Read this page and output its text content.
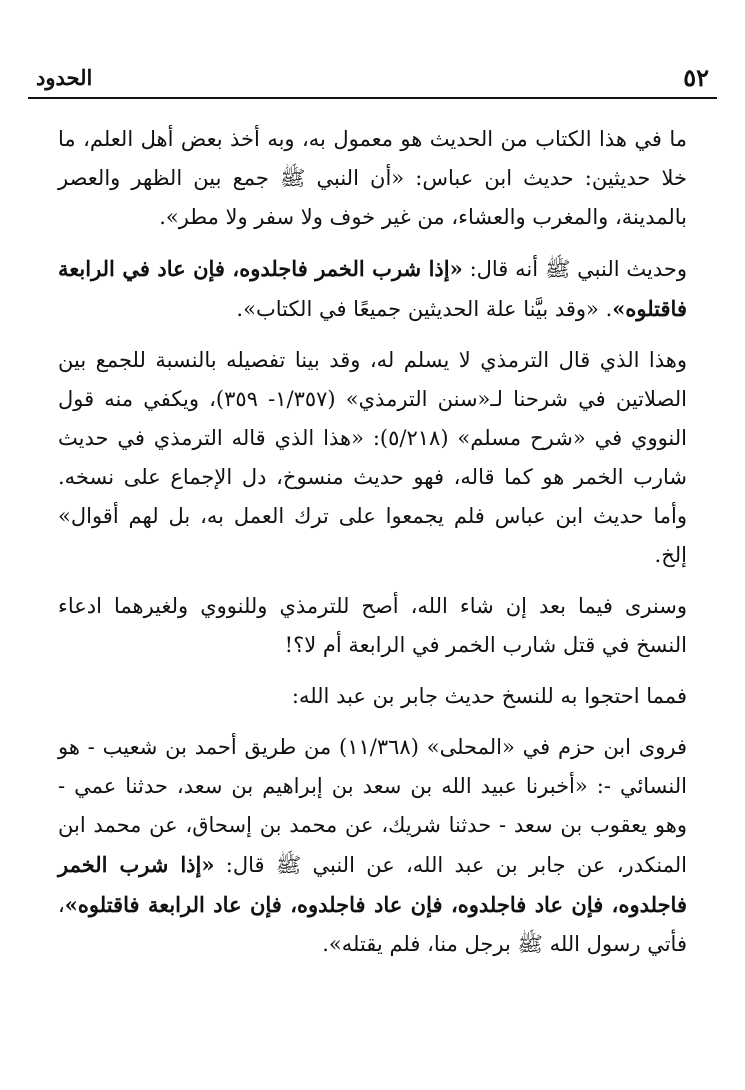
٥٢
الحدود

ما في هذا الكتاب من الحديث هو معمول به، وبه أخذ بعض أهل العلم، ما خلا حديثين: حديث ابن عباس: «أن النبي ﷺ جمع بين الظهر والعصر بالمدينة، والمغرب والعشاء، من غير خوف ولا سفر ولا مطر».

وحديث النبي ﷺ أنه قال: «إذا شرب الخمر فاجلدوه، فإن عاد في الرابعة فاقتلوه». «وقد بيَّنا علة الحديثين جميعًا في الكتاب».

وهذا الذي قال الترمذي لا يسلم له، وقد بينا تفصيله بالنسبة للجمع بين الصلاتين في شرحنا لـ«سنن الترمذي» (١/٣٥٧- ٣٥٩)، ويكفي منه قول النووي في «شرح مسلم» (٥/٢١٨): «هذا الذي قاله الترمذي في حديث شارب الخمر هو كما قاله، فهو حديث منسوخ، دل الإجماع على نسخه. وأما حديث ابن عباس فلم يجمعوا على ترك العمل به، بل لهم أقوال» إلخ.

وسنرى فيما بعد إن شاء الله، أصح للترمذي وللنووي ولغيرهما ادعاء النسخ في قتل شارب الخمر في الرابعة أم لا؟!

فمما احتجوا به للنسخ حديث جابر بن عبد الله:

فروى ابن حزم في «المحلى» (١١/٣٦٨) من طريق أحمد بن شعيب - هو النسائي -: «أخبرنا عبيد الله بن سعد بن إبراهيم بن سعد، حدثنا عمي - وهو يعقوب بن سعد - حدثنا شريك، عن محمد بن إسحاق، عن محمد ابن المنكدر، عن جابر بن عبد الله، عن النبي ﷺ قال: «إذا شرب الخمر فاجلدوه، فإن عاد فاجلدوه، فإن عاد فاجلدوه، فإن عاد الرابعة فاقتلوه»، فأتي رسول الله ﷺ برجل منا، فلم يقتله».
